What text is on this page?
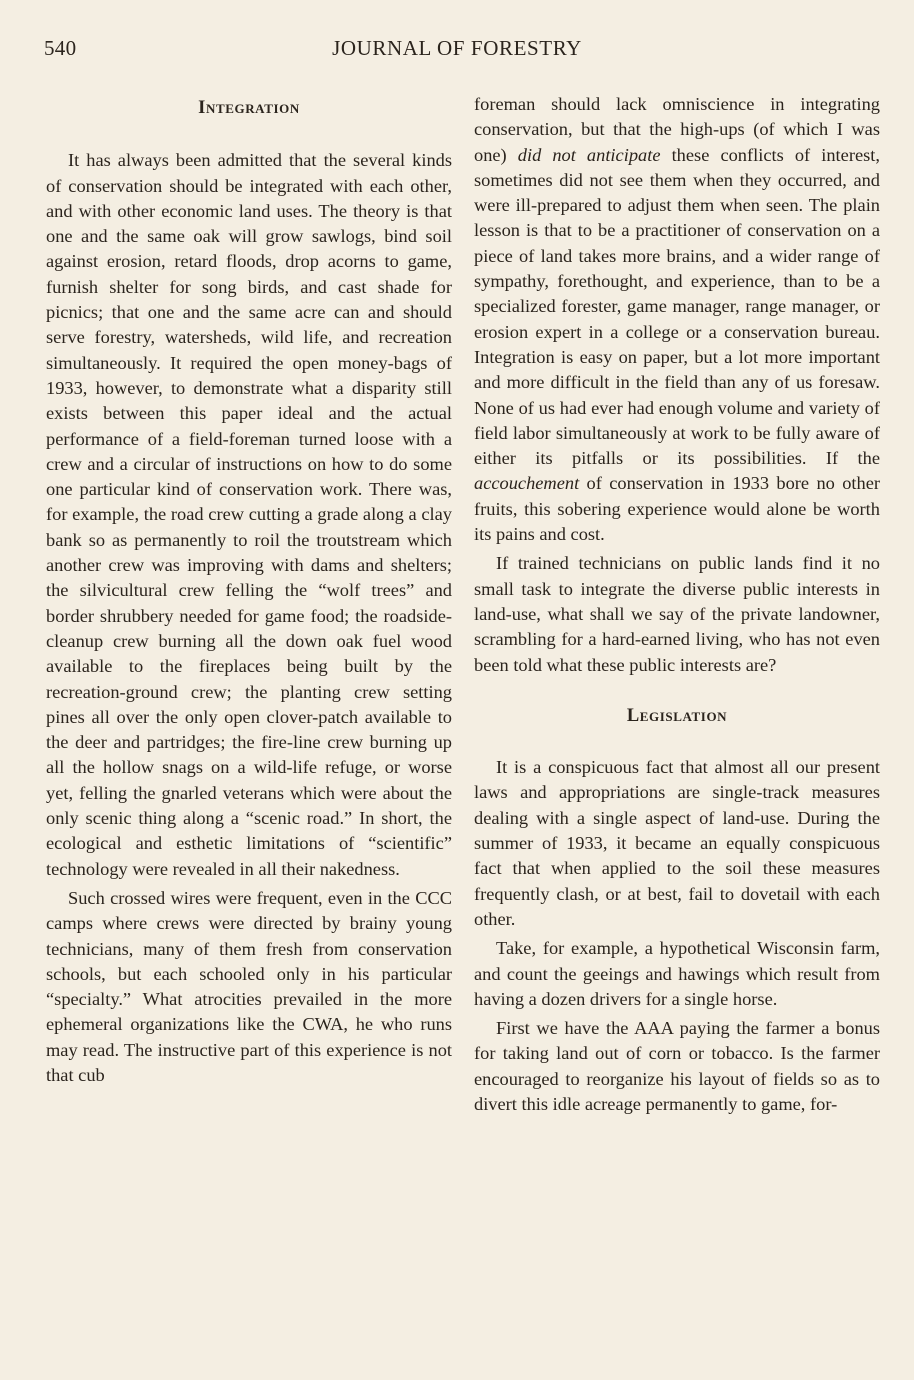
540	JOURNAL OF FORESTRY
Integration

It has always been admitted that the several kinds of conservation should be integrated with each other, and with other economic land uses. The theory is that one and the same oak will grow sawlogs, bind soil against erosion, retard floods, drop acorns to game, furnish shelter for song birds, and cast shade for picnics; that one and the same acre can and should serve forestry, watersheds, wild life, and recreation simultaneously. It required the open money-bags of 1933, however, to demonstrate what a disparity still exists between this paper ideal and the actual performance of a field-foreman turned loose with a crew and a circular of instructions on how to do some one particular kind of conservation work. There was, for example, the road crew cutting a grade along a clay bank so as permanently to roil the troutstream which another crew was improving with dams and shelters; the silvicultural crew felling the “wolf trees” and border shrubbery needed for game food; the roadside-cleanup crew burning all the down oak fuel wood available to the fireplaces being built by the recreation-ground crew; the planting crew setting pines all over the only open clover-patch available to the deer and partridges; the fire-line crew burning up all the hollow snags on a wild-life refuge, or worse yet, felling the gnarled veterans which were about the only scenic thing along a “scenic road.” In short, the ecological and esthetic limitations of “scientific” technology were revealed in all their nakedness.

Such crossed wires were frequent, even in the CCC camps where crews were directed by brainy young technicians, many of them fresh from conservation schools, but each schooled only in his particular “specialty.” What atrocities prevailed in the more ephemeral organizations like the CWA, he who runs may read. The instructive part of this experience is not that cub

foreman should lack omniscience in integrating conservation, but that the high-ups (of which I was one) did not anticipate these conflicts of interest, sometimes did not see them when they occurred, and were ill-prepared to adjust them when seen. The plain lesson is that to be a practitioner of conservation on a piece of land takes more brains, and a wider range of sympathy, forethought, and experience, than to be a specialized forester, game manager, range manager, or erosion expert in a college or a conservation bureau. Integration is easy on paper, but a lot more important and more difficult in the field than any of us foresaw. None of us had ever had enough volume and variety of field labor simultaneously at work to be fully aware of either its pitfalls or its possibilities. If the accouchement of conservation in 1933 bore no other fruits, this sobering experience would alone be worth its pains and cost.

If trained technicians on public lands find it no small task to integrate the diverse public interests in land-use, what shall we say of the private landowner, scrambling for a hard-earned living, who has not even been told what these public interests are?

Legislation

It is a conspicuous fact that almost all our present laws and appropriations are single-track measures dealing with a single aspect of land-use. During the summer of 1933, it became an equally conspicuous fact that when applied to the soil these measures frequently clash, or at best, fail to dovetail with each other.

Take, for example, a hypothetical Wisconsin farm, and count the geeings and hawings which result from having a dozen drivers for a single horse.

First we have the AAA paying the farmer a bonus for taking land out of corn or tobacco. Is the farmer encouraged to reorganize his layout of fields so as to divert this idle acreage permanently to game, for-
